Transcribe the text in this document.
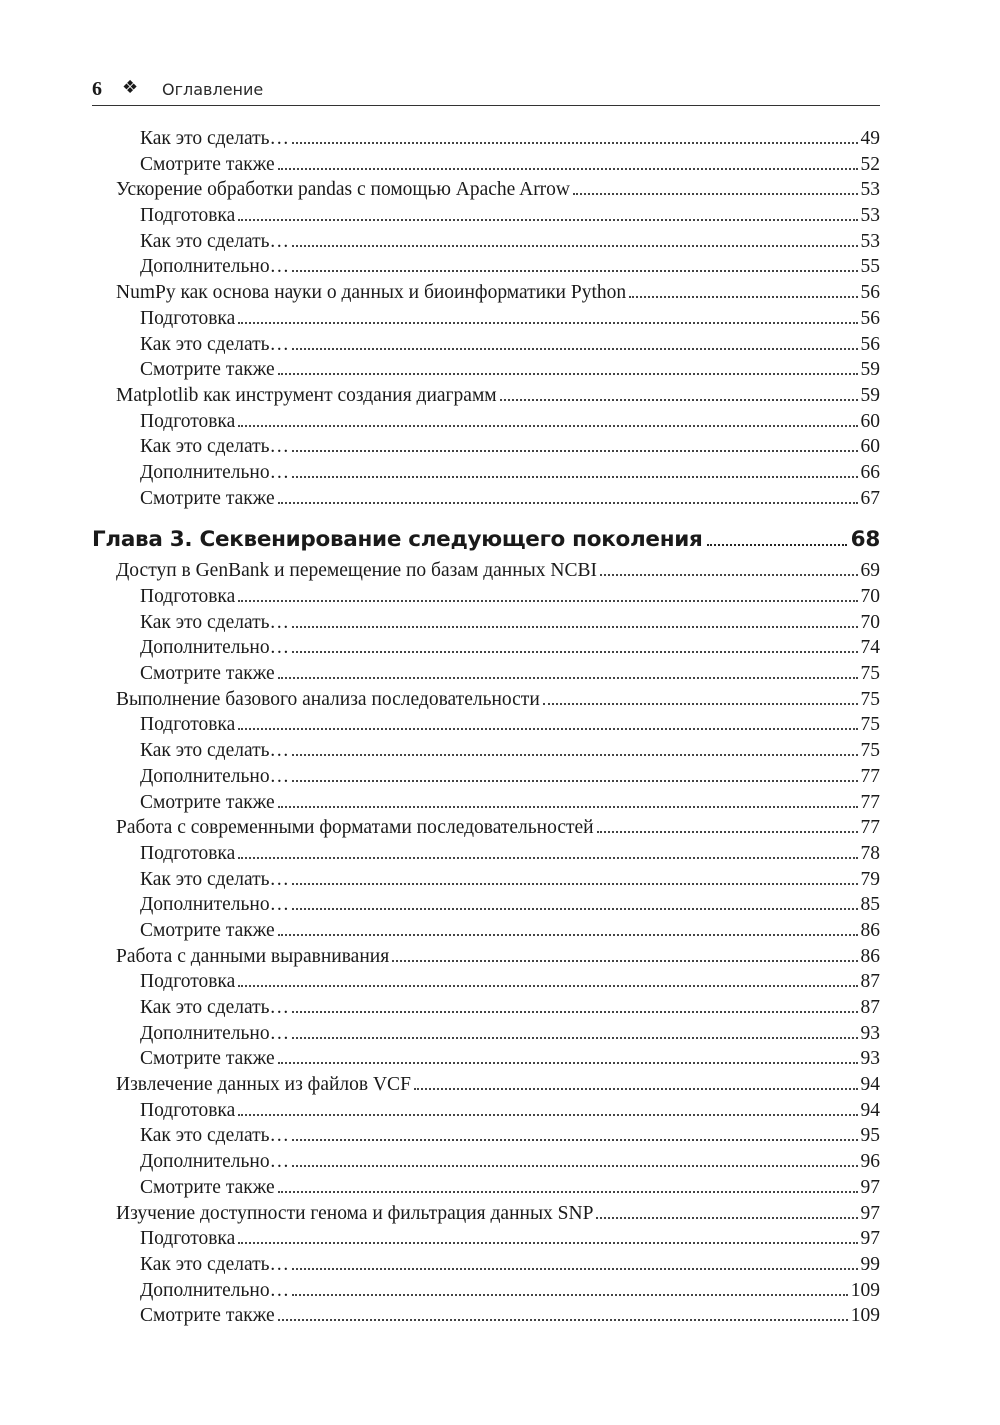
6 ❖ Оглавление
Как это сделать…	49
Смотрите также	52
Ускорение обработки pandas с помощью Apache Arrow	53
Подготовка	53
Как это сделать…	53
Дополнительно…	55
NumPy как основа науки о данных и биоинформатики Python	56
Подготовка	56
Как это сделать…	56
Смотрите также	59
Matplotlib как инструмент создания диаграмм	59
Подготовка	60
Как это сделать…	60
Дополнительно…	66
Смотрите также	67
Глава 3. Секвенирование следующего поколения	68
Доступ в GenBank и перемещение по базам данных NCBI	69
Подготовка	70
Как это сделать…	70
Дополнительно…	74
Смотрите также	75
Выполнение базового анализа последовательности	75
Подготовка	75
Как это сделать…	75
Дополнительно…	77
Смотрите также	77
Работа с современными форматами последовательностей	77
Подготовка	78
Как это сделать…	79
Дополнительно…	85
Смотрите также	86
Работа с данными выравнивания	86
Подготовка	87
Как это сделать…	87
Дополнительно…	93
Смотрите также	93
Извлечение данных из файлов VCF	94
Подготовка	94
Как это сделать…	95
Дополнительно…	96
Смотрите также	97
Изучение доступности генома и фильтрация данных SNP	97
Подготовка	97
Как это сделать…	99
Дополнительно…	109
Смотрите также	109
